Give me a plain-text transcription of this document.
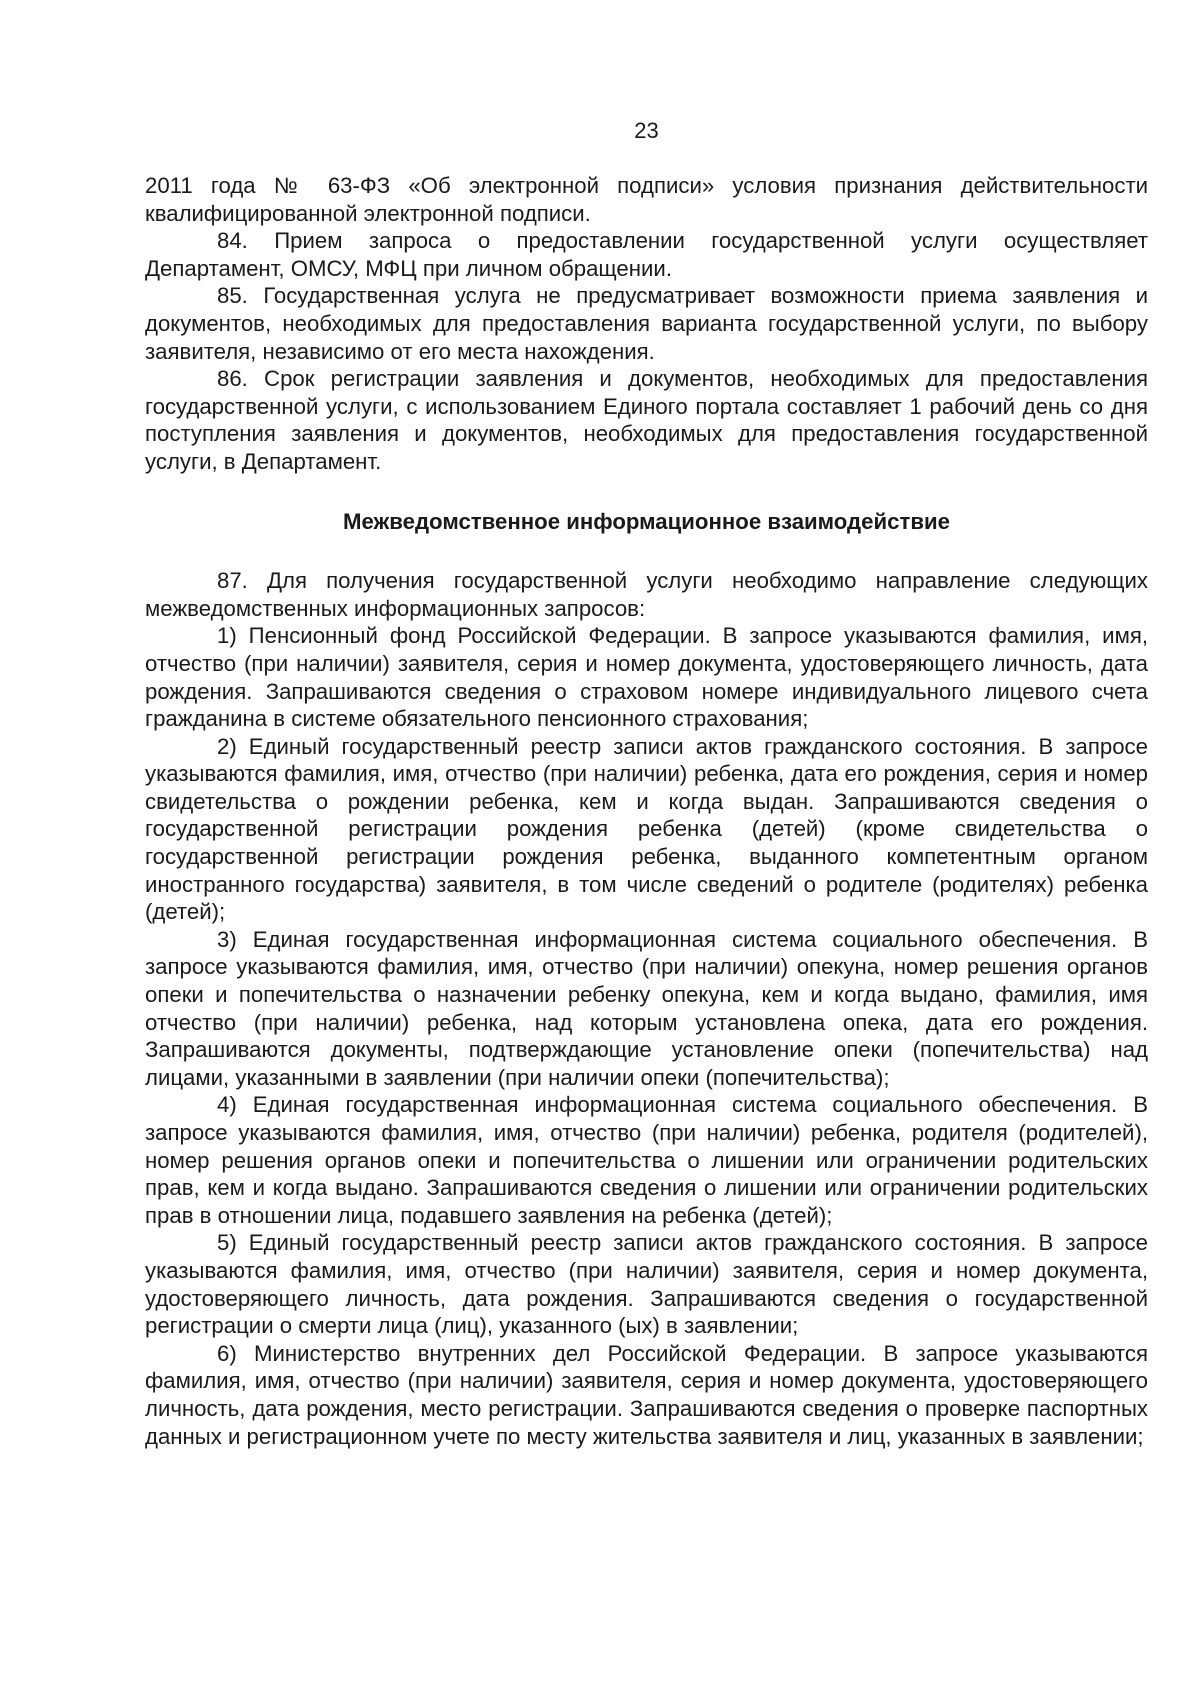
23

2011 года № 63-ФЗ «Об электронной подписи» условия признания действительности квалифицированной электронной подписи.

84. Прием запроса о предоставлении государственной услуги осуществляет Департамент, ОМСУ, МФЦ при личном обращении.

85. Государственная услуга не предусматривает возможности приема заявления и документов, необходимых для предоставления варианта государственной услуги, по выбору заявителя, независимо от его места нахождения.

86. Срок регистрации заявления и документов, необходимых для предоставления государственной услуги, с использованием Единого портала составляет 1 рабочий день со дня поступления заявления и документов, необходимых для предоставления государственной услуги, в Департамент.

Межведомственное информационное взаимодействие

87. Для получения государственной услуги необходимо направление следующих межведомственных информационных запросов:

1) Пенсионный фонд Российской Федерации. В запросе указываются фамилия, имя, отчество (при наличии) заявителя, серия и номер документа, удостоверяющего личность, дата рождения. Запрашиваются сведения о страховом номере индивидуального лицевого счета гражданина в системе обязательного пенсионного страхования;

2) Единый государственный реестр записи актов гражданского состояния. В запросе указываются фамилия, имя, отчество (при наличии) ребенка, дата его рождения, серия и номер свидетельства о рождении ребенка, кем и когда выдан. Запрашиваются сведения о государственной регистрации рождения ребенка (детей) (кроме свидетельства о государственной регистрации рождения ребенка, выданного компетентным органом иностранного государства) заявителя, в том числе сведений о родителе (родителях) ребенка (детей);

3) Единая государственная информационная система социального обеспечения. В запросе указываются фамилия, имя, отчество (при наличии) опекуна, номер решения органов опеки и попечительства о назначении ребенку опекуна, кем и когда выдано, фамилия, имя отчество (при наличии) ребенка, над которым установлена опека, дата его рождения. Запрашиваются документы, подтверждающие установление опеки (попечительства) над лицами, указанными в заявлении (при наличии опеки (попечительства);

4) Единая государственная информационная система социального обеспечения. В запросе указываются фамилия, имя, отчество (при наличии) ребенка, родителя (родителей), номер решения органов опеки и попечительства о лишении или ограничении родительских прав, кем и когда выдано. Запрашиваются сведения о лишении или ограничении родительских прав в отношении лица, подавшего заявления на ребенка (детей);

5) Единый государственный реестр записи актов гражданского состояния. В запросе указываются фамилия, имя, отчество (при наличии) заявителя, серия и номер документа, удостоверяющего личность, дата рождения. Запрашиваются сведения о государственной регистрации о смерти лица (лиц), указанного (ых) в заявлении;

6) Министерство внутренних дел Российской Федерации. В запросе указываются фамилия, имя, отчество (при наличии) заявителя, серия и номер документа, удостоверяющего личность, дата рождения, место регистрации. Запрашиваются сведения о проверке паспортных данных и регистрационном учете по месту жительства заявителя и лиц, указанных в заявлении;
